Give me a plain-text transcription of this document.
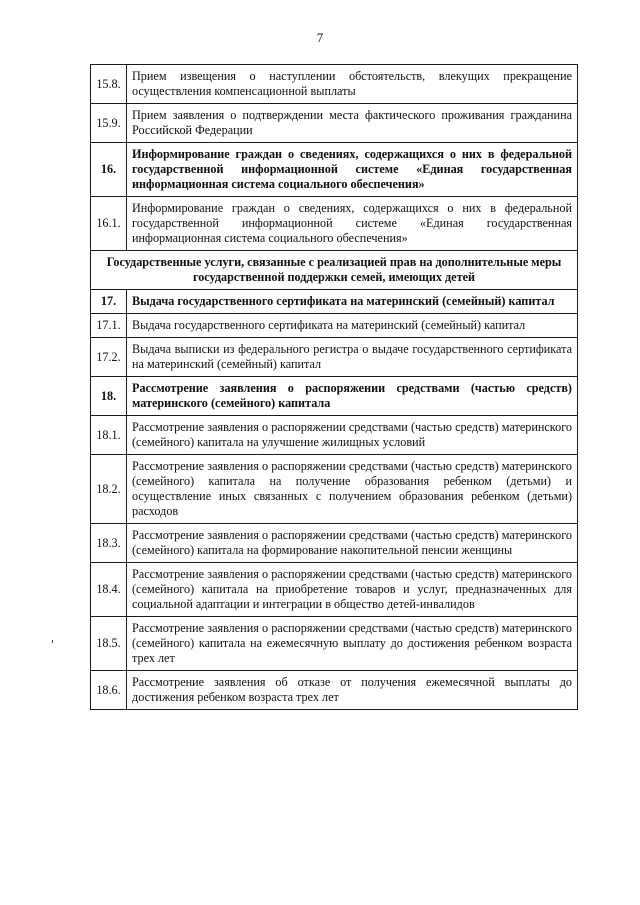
7
15.8.	Прием извещения о наступлении обстоятельств, влекущих прекращение осуществления компенсационной выплаты
15.9.	Прием заявления о подтверждении места фактического проживания гражданина Российской Федерации
16.	Информирование граждан о сведениях, содержащихся о них в федеральной государственной информационной системе «Единая государственная информационная система социального обеспечения»
16.1.	Информирование граждан о сведениях, содержащихся о них в федеральной государственной информационной системе «Единая государственная информационная система социального обеспечения»
Государственные услуги, связанные с реализацией прав на дополнительные меры государственной поддержки семей, имеющих детей	
17.	Выдача государственного сертификата на материнский (семейный) капитал
17.1.	Выдача государственного сертификата на материнский (семейный) капитал
17.2.	Выдача выписки из федерального регистра о выдаче государственного сертификата на материнский (семейный) капитал
18.	Рассмотрение заявления о распоряжении средствами (частью средств) материнского (семейного) капитала
18.1.	Рассмотрение заявления о распоряжении средствами (частью средств) материнского (семейного) капитала на улучшение жилищных условий
18.2.	Рассмотрение заявления о распоряжении средствами (частью средств) материнского (семейного) капитала на получение образования ребенком (детьми) и осуществление иных связанных с получением образования ребенком (детьми) расходов
18.3.	Рассмотрение заявления о распоряжении средствами (частью средств) материнского (семейного) капитала на формирование накопительной пенсии женщины
18.4.	Рассмотрение заявления о распоряжении средствами (частью средств) материнского (семейного) капитала на приобретение товаров и услуг, предназначенных для социальной адаптации и интеграции в общество детей-инвалидов
18.5.	Рассмотрение заявления о распоряжении средствами (частью средств) материнского (семейного) капитала на ежемесячную выплату до достижения ребенком возраста трех лет
18.6.	Рассмотрение заявления об отказе от получения ежемесячной выплаты до достижения ребенком возраста трех лет
